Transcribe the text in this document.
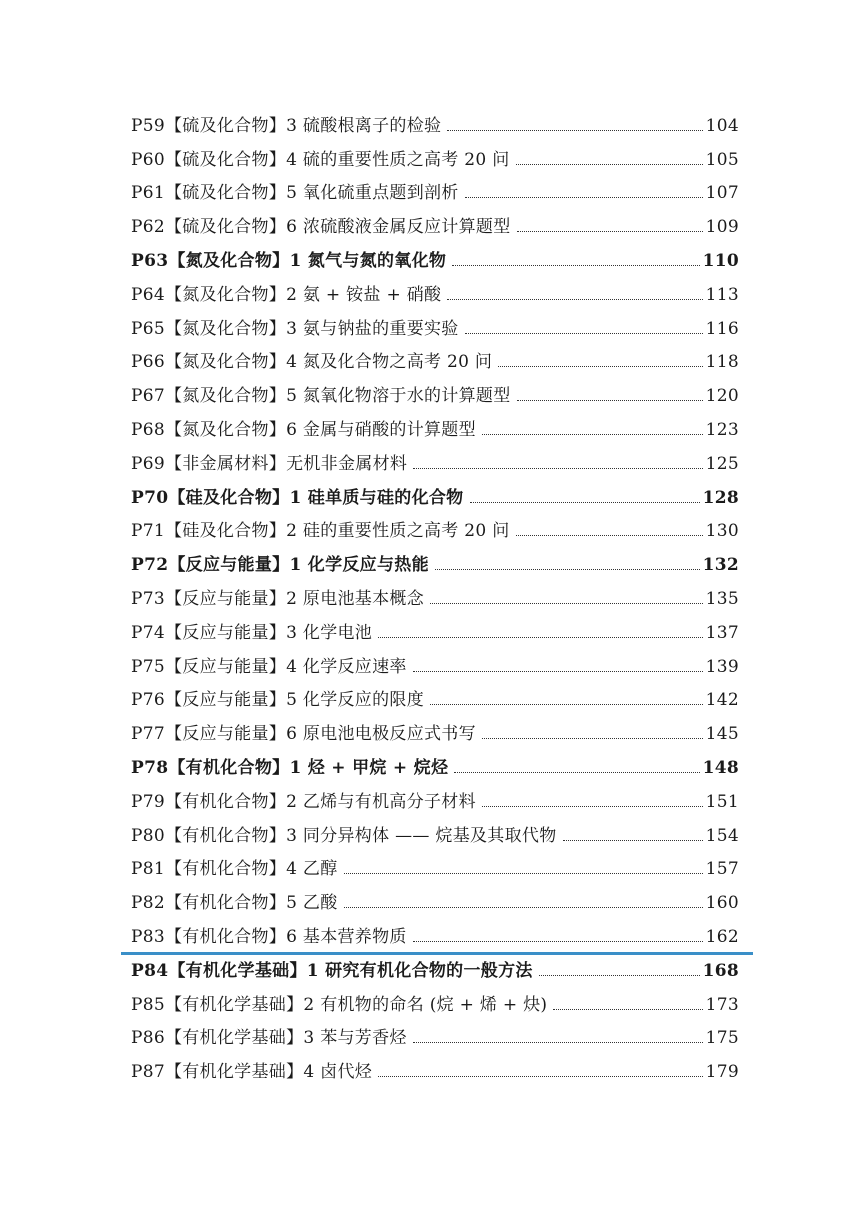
P59【硫及化合物】3 硫酸根离子的检验	104
P60【硫及化合物】4 硫的重要性质之高考 20 问	105
P61【硫及化合物】5 氧化硫重点题到剖析	107
P62【硫及化合物】6 浓硫酸液金属反应计算题型	109
P63【氮及化合物】1 氮气与氮的氧化物	110
P64【氮及化合物】2 氨 + 铵盐 + 硝酸	113
P65【氮及化合物】3 氨与钠盐的重要实验	116
P66【氮及化合物】4 氮及化合物之高考 20 问	118
P67【氮及化合物】5 氮氧化物溶于水的计算题型	120
P68【氮及化合物】6 金属与硝酸的计算题型	123
P69【非金属材料】无机非金属材料	125
P70【硅及化合物】1 硅单质与硅的化合物	128
P71【硅及化合物】2 硅的重要性质之高考 20 问	130
P72【反应与能量】1 化学反应与热能	132
P73【反应与能量】2 原电池基本概念	135
P74【反应与能量】3 化学电池	137
P75【反应与能量】4 化学反应速率	139
P76【反应与能量】5 化学反应的限度	142
P77【反应与能量】6 原电池电极反应式书写	145
P78【有机化合物】1 烃 + 甲烷 + 烷烃	148
P79【有机化合物】2 乙烯与有机高分子材料	151
P80【有机化合物】3 同分异构体 —— 烷基及其取代物	154
P81【有机化合物】4 乙醇	157
P82【有机化合物】5 乙酸	160
P83【有机化合物】6 基本营养物质	162
P84【有机化学基础】1 研究有机化合物的一般方法	168
P85【有机化学基础】2 有机物的命名 (烷 + 烯 + 炔)	173
P86【有机化学基础】3 苯与芳香烃	175
P87【有机化学基础】4 卤代烃	179
